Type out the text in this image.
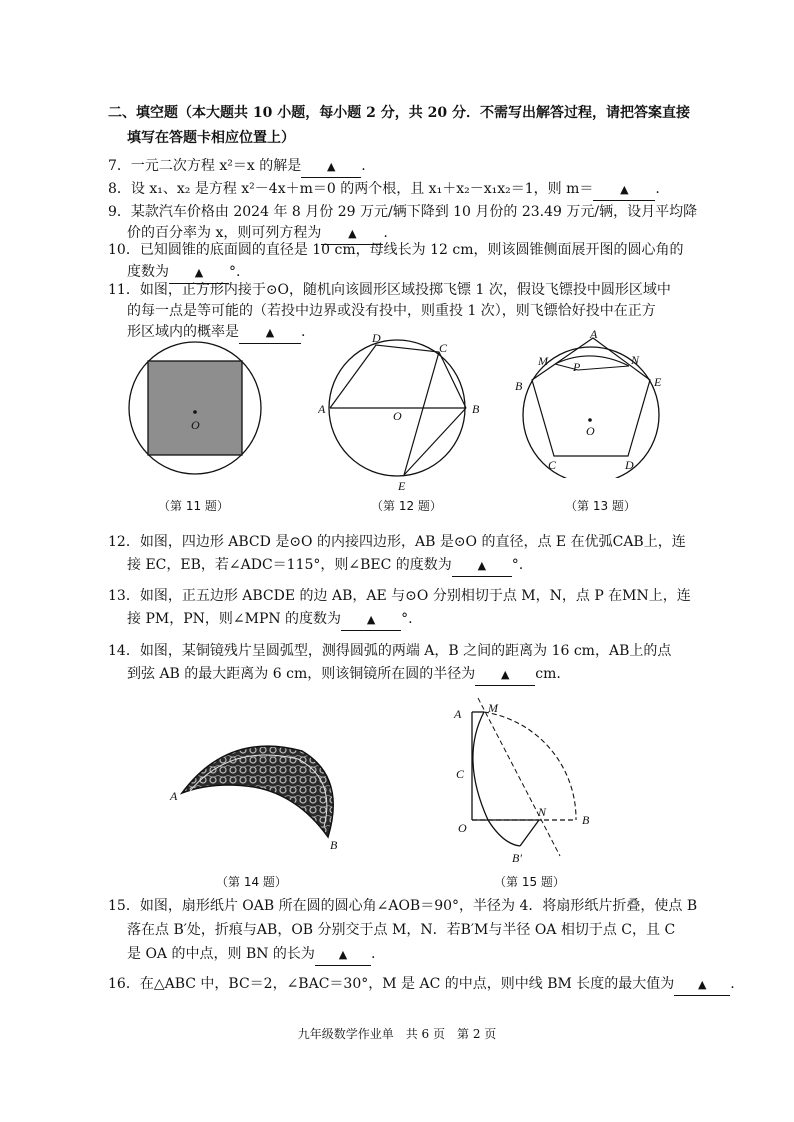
二、填空题（本大题共 10 小题，每小题 2 分，共 20 分．不需写出解答过程，请把答案直接
填写在答题卡相应位置上）
7．一元二次方程 x²＝x 的解是 ▲ .
8．设 x₁、x₂ 是方程 x²－4x＋m＝0 的两个根，且 x₁＋x₂－x₁x₂＝1，则 m＝ ▲ .
9．某款汽车价格由 2024 年 8 月份 29 万元/辆下降到 10 月份的 23.49 万元/辆，设月平均降
价的百分率为 x，则可列方程为 ▲ .
10．已知圆锥的底面圆的直径是 10 cm，母线长为 12 cm，则该圆锥侧面展开图的圆心角的
度数为 ▲ °.
11．如图，正方形内接于⊙O，随机向该圆形区域投掷飞镖 1 次，假设飞镖投中圆形区域中
的每一点是等可能的（若投中边界或没有投中，则重投 1 次），则飞镖恰好投中在正方
形区域内的概率是 ▲ .
O
（第 11 题）
A	B
C
D
E
O
（第 12 题）
A
B
C	D
E
M	N
P
O
（第 13 题）
12．如图，四边形 ABCD 是⊙O 的内接四边形，AB 是⊙O 的直径，点 E 在优弧CAB上，连
接 EC，EB，若∠ADC＝115°，则∠BEC 的度数为 ▲ °.
13．如图，正五边形 ABCDE 的边 AB，AE 与⊙O 分别相切于点 M，N，点 P 在MN上，连
接 PM，PN，则∠MPN 的度数为 ▲ °.
14．如图，某铜镜残片呈圆弧型，测得圆弧的两端 A，B 之间的距离为 16 cm，AB上的点
到弦 AB 的最大距离为 6 cm，则该铜镜所在圆的半径为 ▲ cm.
A
B
（第 14 题）
A M
C
O
N
B
B′
（第 15 题）
15．如图，扇形纸片 OAB 所在圆的圆心角∠AOB＝90°，半径为 4．将扇形纸片折叠，使点 B
落在点 B′处，折痕与AB，OB 分别交于点 M，N．若B′M与半径 OA 相切于点 C，且 C
是 OA 的中点，则 BN 的长为 ▲ .
16．在△ABC 中，BC＝2，∠BAC＝30°，M 是 AC 的中点，则中线 BM 长度的最大值为 ▲ .
九年级数学作业单　共 6 页　第 2 页
